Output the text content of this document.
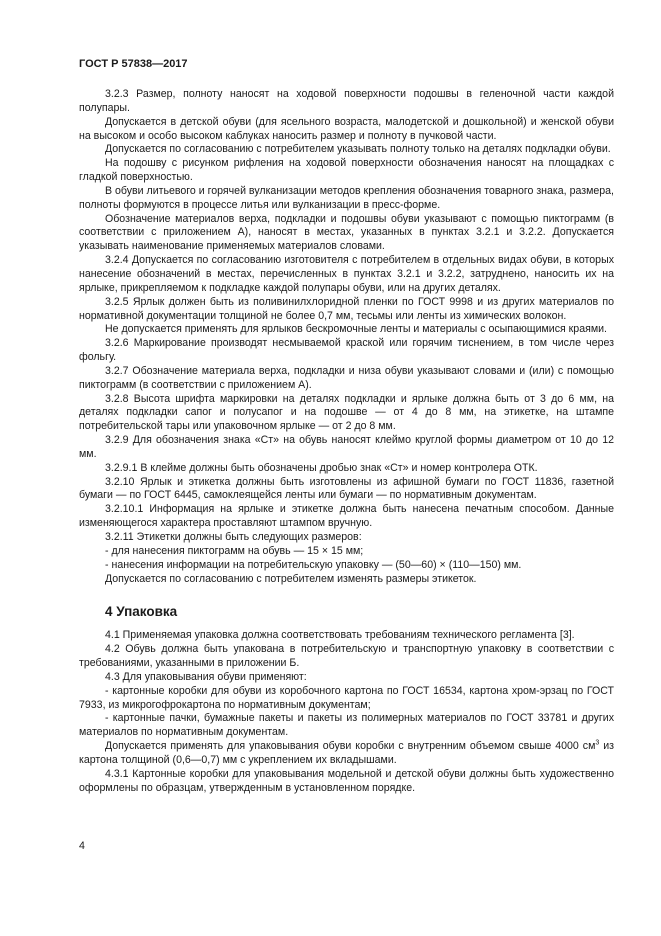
ГОСТ Р 57838—2017

3.2.3 Размер, полноту наносят на ходовой поверхности подошвы в геленочной части каждой полупары.

Допускается в детской обуви (для ясельного возраста, малодетской и дошкольной) и женской обуви на высоком и особо высоком каблуках наносить размер и полноту в пучковой части.

Допускается по согласованию с потребителем указывать полноту только на деталях подкладки обуви.

На подошву с рисунком рифления на ходовой поверхности обозначения наносят на площадках с гладкой поверхностью.

В обуви литьевого и горячей вулканизации методов крепления обозначения товарного знака, размера, полноты формуются в процессе литья или вулканизации в пресс-форме.

Обозначение материалов верха, подкладки и подошвы обуви указывают с помощью пиктограмм (в соответствии с приложением А), наносят в местах, указанных в пунктах 3.2.1 и 3.2.2. Допускается указывать наименование применяемых материалов словами.

3.2.4 Допускается по согласованию изготовителя с потребителем в отдельных видах обуви, в которых нанесение обозначений в местах, перечисленных в пунктах 3.2.1 и 3.2.2, затруднено, наносить их на ярлыке, прикрепляемом к подкладке каждой полупары обуви, или на других деталях.

3.2.5 Ярлык должен быть из поливинилхлоридной пленки по ГОСТ 9998 и из других материалов по нормативной документации толщиной не более 0,7 мм, тесьмы или ленты из химических волокон.

Не допускается применять для ярлыков бескромочные ленты и материалы с осыпающимися краями.

3.2.6 Маркирование производят несмываемой краской или горячим тиснением, в том числе через фольгу.

3.2.7 Обозначение материала верха, подкладки и низа обуви указывают словами и (или) с помощью пиктограмм (в соответствии с приложением А).

3.2.8 Высота шрифта маркировки на деталях подкладки и ярлыке должна быть от 3 до 6 мм, на деталях подкладки сапог и полусапог и на подошве — от 4 до 8 мм, на этикетке, на штампе потребительской тары или упаковочном ярлыке — от 2 до 8 мм.

3.2.9 Для обозначения знака «Ст» на обувь наносят клеймо круглой формы диаметром от 10 до 12 мм.

3.2.9.1 В клейме должны быть обозначены дробью знак «Ст» и номер контролера ОТК.

3.2.10 Ярлык и этикетка должны быть изготовлены из афишной бумаги по ГОСТ 11836, газетной бумаги — по ГОСТ 6445, самоклеящейся ленты или бумаги — по нормативным документам.

3.2.10.1 Информация на ярлыке и этикетке должна быть нанесена печатным способом. Данные изменяющегося характера проставляют штампом вручную.

3.2.11 Этикетки должны быть следующих размеров:

- для нанесения пиктограмм на обувь — 15 × 15 мм;

- нанесения информации на потребительскую упаковку — (50—60) × (110—150) мм.

Допускается по согласованию с потребителем изменять размеры этикеток.

4 Упаковка

4.1 Применяемая упаковка должна соответствовать требованиям технического регламента [3].

4.2 Обувь должна быть упакована в потребительскую и транспортную упаковку в соответствии с требованиями, указанными в приложении Б.

4.3 Для упаковывания обуви применяют:

- картонные коробки для обуви из коробочного картона по ГОСТ 16534, картона хром-эрзац по ГОСТ 7933, из микрогофрокартона по нормативным документам;

- картонные пачки, бумажные пакеты и пакеты из полимерных материалов по ГОСТ 33781 и других материалов по нормативным документам.

Допускается применять для упаковывания обуви коробки с внутренним объемом свыше 4000 $см^3$ из картона толщиной (0,6—0,7) мм с укреплением их вкладышами.

4.3.1 Картонные коробки для упаковывания модельной и детской обуви должны быть художественно оформлены по образцам, утвержденным в установленном порядке.

4
